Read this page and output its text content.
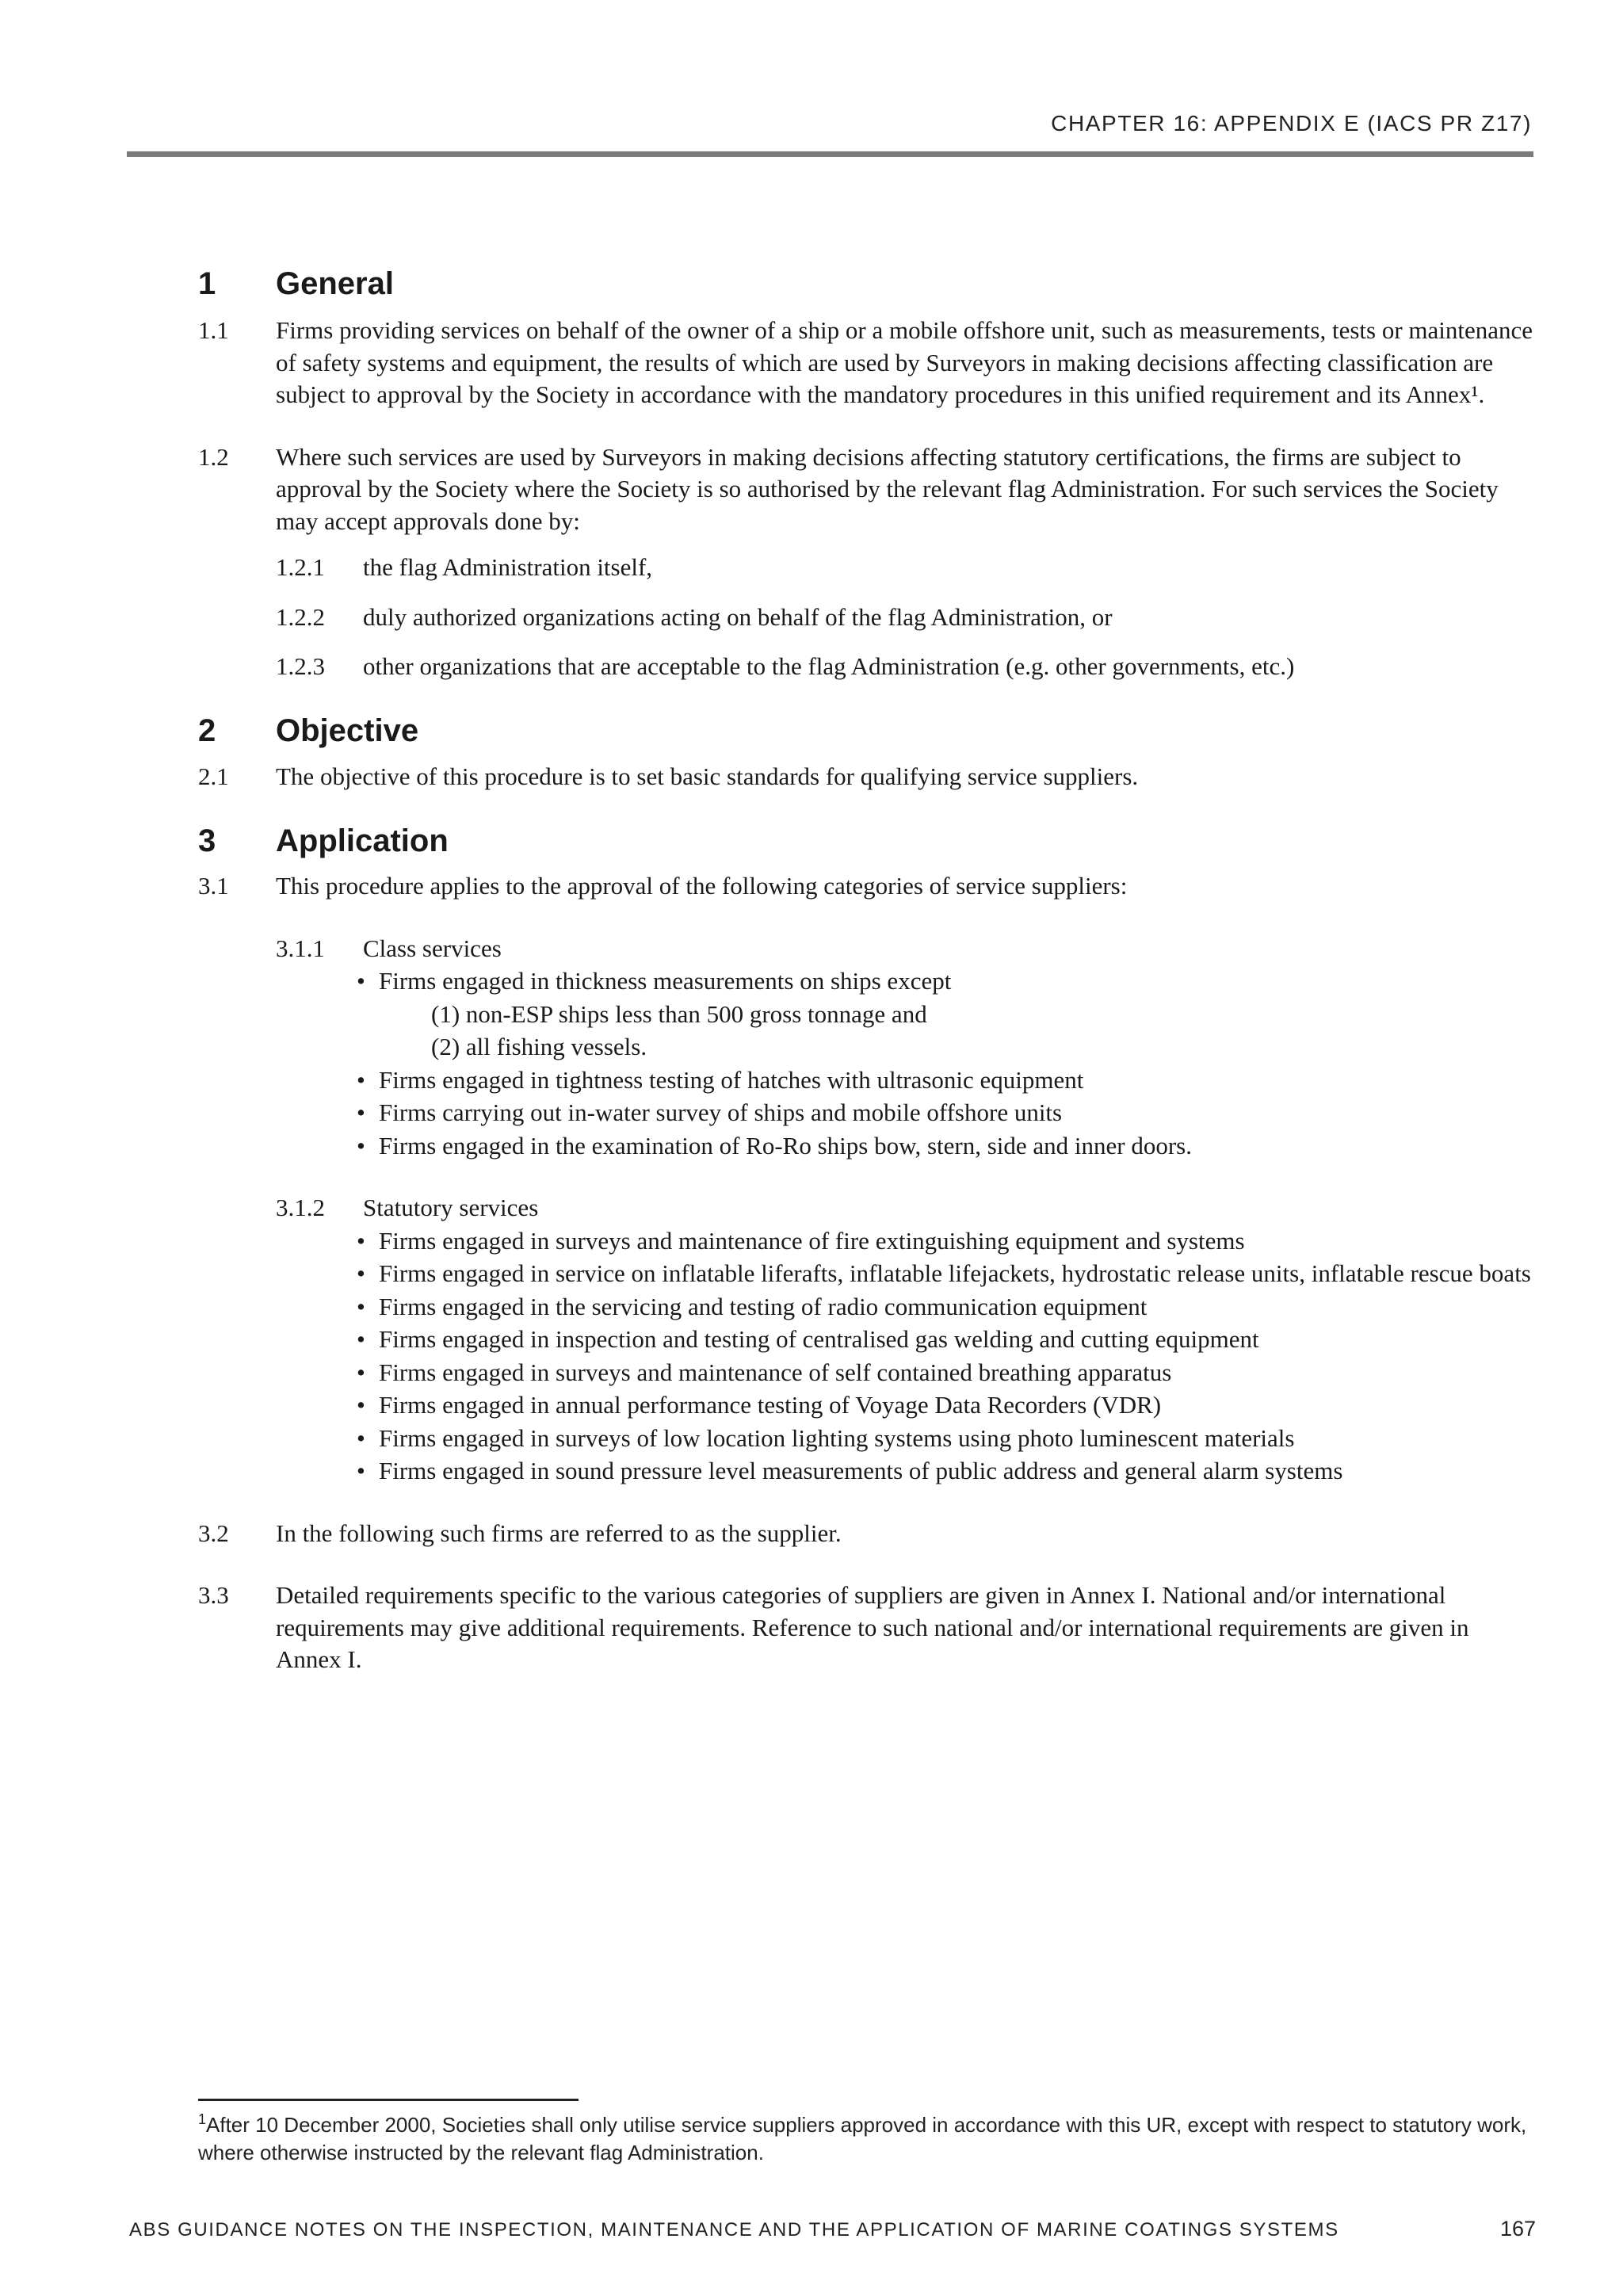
CHAPTER 16: APPENDIX E (IACS PR Z17)
1	General
1.1	Firms providing services on behalf of the owner of a ship or a mobile offshore unit, such as measurements, tests or maintenance of safety systems and equipment, the results of which are used by Surveyors in making decisions affecting classification are subject to approval by the Society in accordance with the mandatory procedures in this unified requirement and its Annex¹.
1.2	Where such services are used by Surveyors in making decisions affecting statutory certifications, the firms are subject to approval by the Society where the Society is so authorised by the relevant flag Administration. For such services the Society may accept approvals done by:
1.2.1	the flag Administration itself,
1.2.2	duly authorized organizations acting on behalf of the flag Administration, or
1.2.3	other organizations that are acceptable to the flag Administration (e.g. other governments, etc.)
2	Objective
2.1	The objective of this procedure is to set basic standards for qualifying service suppliers.
3	Application
3.1	This procedure applies to the approval of the following categories of service suppliers:
3.1.1	Class services
• Firms engaged in thickness measurements on ships except
(1) non-ESP ships less than 500 gross tonnage and
(2) all fishing vessels.
• Firms engaged in tightness testing of hatches with ultrasonic equipment
• Firms carrying out in-water survey of ships and mobile offshore units
• Firms engaged in the examination of Ro-Ro ships bow, stern, side and inner doors.
3.1.2	Statutory services
• Firms engaged in surveys and maintenance of fire extinguishing equipment and systems
• Firms engaged in service on inflatable liferafts, inflatable lifejackets, hydrostatic release units, inflatable rescue boats
• Firms engaged in the servicing and testing of radio communication equipment
• Firms engaged in inspection and testing of centralised gas welding and cutting equipment
• Firms engaged in surveys and maintenance of self contained breathing apparatus
• Firms engaged in annual performance testing of Voyage Data Recorders (VDR)
• Firms engaged in surveys of low location lighting systems using photo luminescent materials
• Firms engaged in sound pressure level measurements of public address and general alarm systems
3.2	In the following such firms are referred to as the supplier.
3.3	Detailed requirements specific to the various categories of suppliers are given in Annex I. National and/or international requirements may give additional requirements. Reference to such national and/or international requirements are given in Annex I.
$^1$After 10 December 2000, Societies shall only utilise service suppliers approved in accordance with this UR, except with respect to statutory work, where otherwise instructed by the relevant flag Administration.
ABS GUIDANCE NOTES ON THE INSPECTION, MAINTENANCE AND THE APPLICATION OF MARINE COATINGS SYSTEMS	167
